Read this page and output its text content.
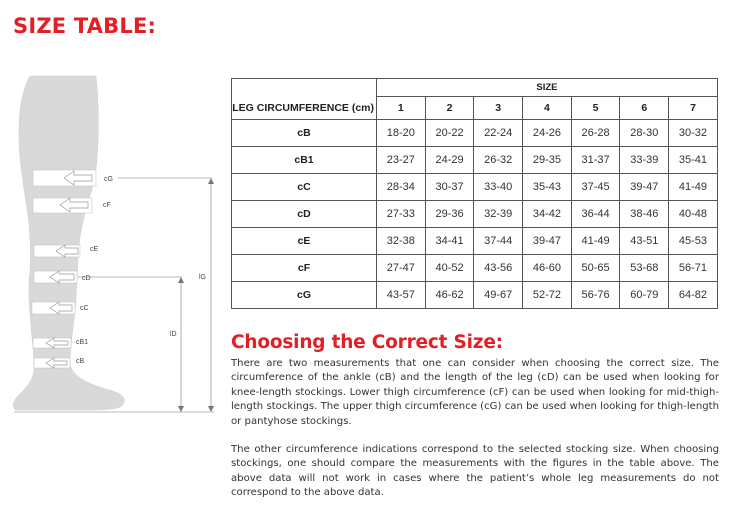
SIZE TABLE:
cG
cF
cE
cD
cC
cB1
cB
lG
lD
	SIZE						
LEG CIRCUMFERENCE (cm)	1	2	3	4	5	6	7
cB	18-20	20-22	22-24	24-26	26-28	28-30	30-32
cB1	23-27	24-29	26-32	29-35	31-37	33-39	35-41
cC	28-34	30-37	33-40	35-43	37-45	39-47	41-49
cD	27-33	29-36	32-39	34-42	36-44	38-46	40-48
cE	32-38	34-41	37-44	39-47	41-49	43-51	45-53
cF	27-47	40-52	43-56	46-60	50-65	53-68	56-71
cG	43-57	46-62	49-67	52-72	56-76	60-79	64-82
Choosing the Correct Size:

There are two measurements that one can consider when choosing the correct size. The circumference of the ankle (cB) and the length of the leg (cD) can be used when looking for knee-length stockings. Lower thigh circumference (cF) can be used when looking for mid-thigh-length stockings. The upper thigh circumference (cG) can be used when looking for thigh-length or pantyhose stockings.

The other circumference indications correspond to the selected stocking size. When choosing stockings, one should compare the measurements with the figures in the table above. The above data will not work in cases where the patient’s whole leg measurements do not correspond to the above data.
